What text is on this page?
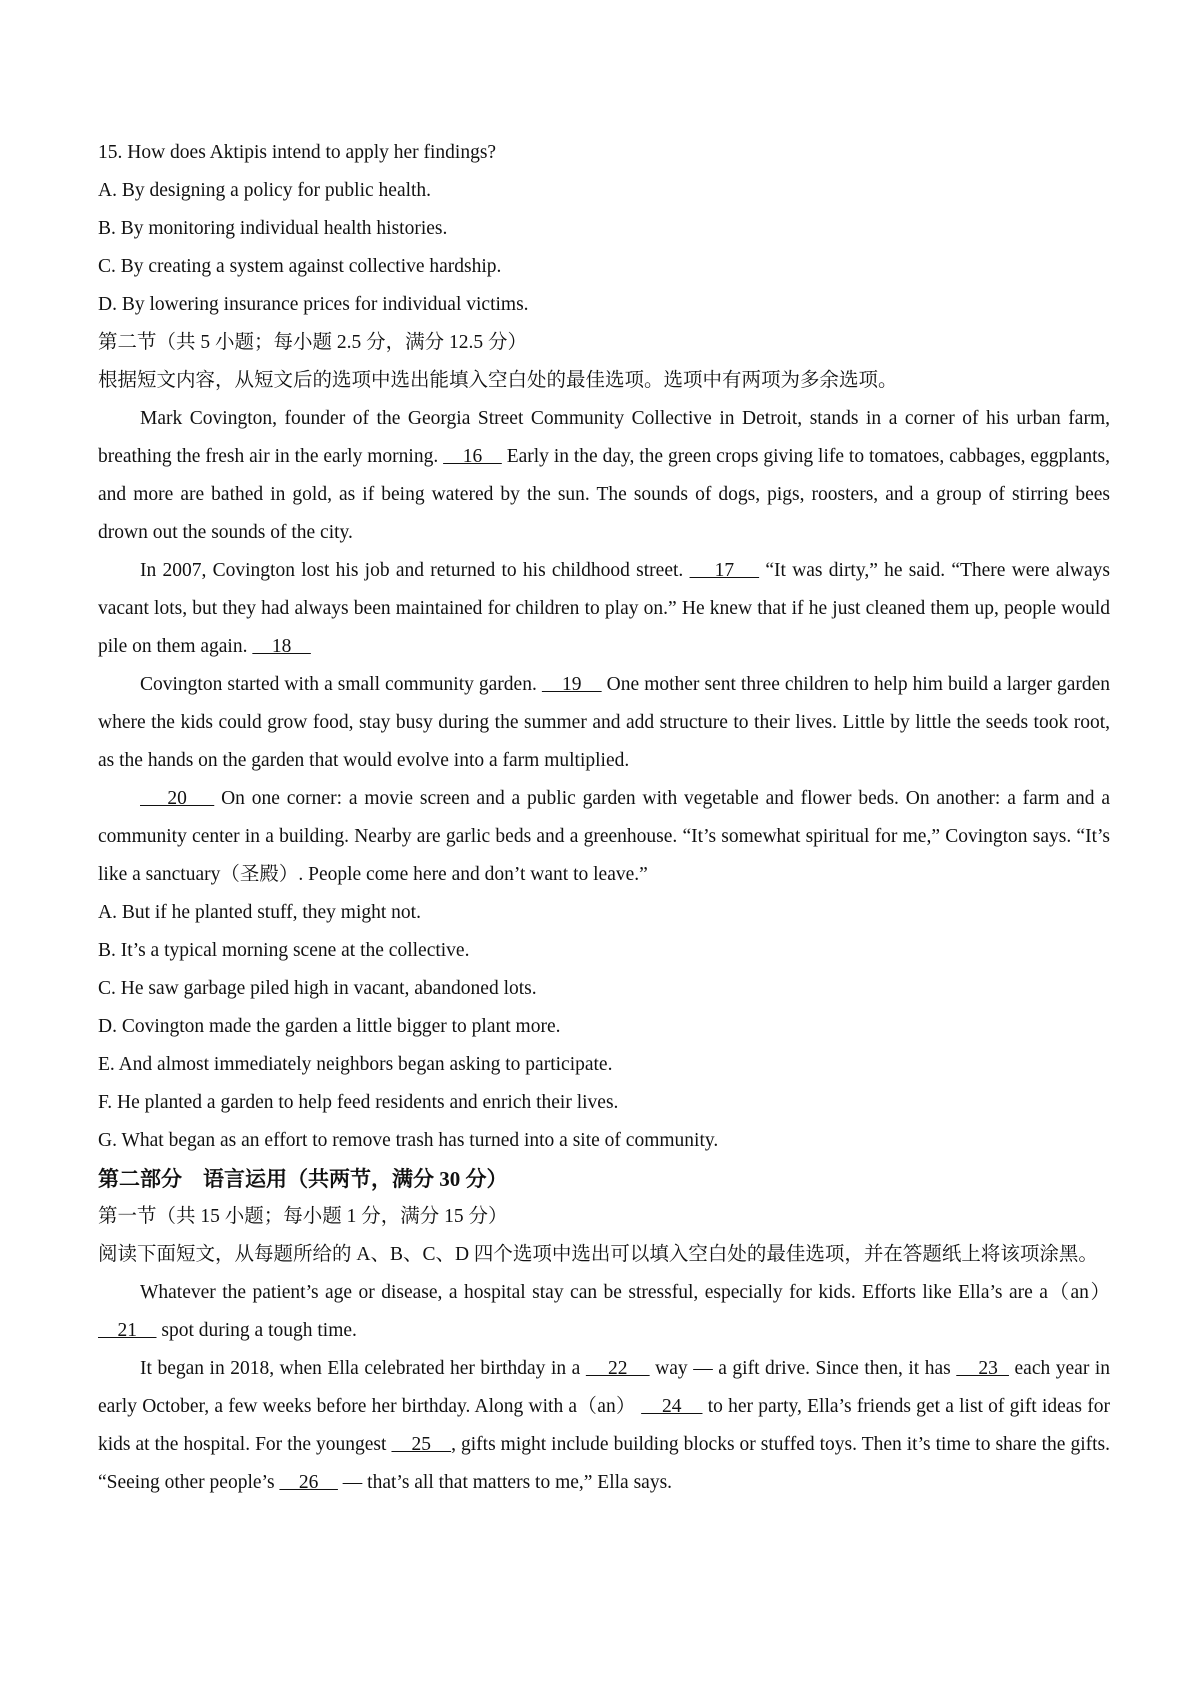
15. How does Aktipis intend to apply her findings?
A. By designing a policy for public health.
B. By monitoring individual health histories.
C. By creating a system against collective hardship.
D. By lowering insurance prices for individual victims.
第二节（共 5 小题；每小题 2.5 分，满分 12.5 分）
根据短文内容，从短文后的选项中选出能填入空白处的最佳选项。选项中有两项为多余选项。
Mark Covington, founder of the Georgia Street Community Collective in Detroit, stands in a corner of his urban farm, breathing the fresh air in the early morning.     16     Early in the day, the green crops giving life to tomatoes, cabbages, eggplants, and more are bathed in gold, as if being watered by the sun. The sounds of dogs, pigs, roosters, and a group of stirring bees drown out the sounds of the city.
In 2007, Covington lost his job and returned to his childhood street.     17     “It was dirty,” he said. “There were always vacant lots, but they had always been maintained for children to play on.” He knew that if he just cleaned them up, people would pile on them again.     18
Covington started with a small community garden.     19     One mother sent three children to help him build a larger garden where the kids could grow food, stay busy during the summer and add structure to their lives. Little by little the seeds took root, as the hands on the garden that would evolve into a farm multiplied.
20     On one corner: a movie screen and a public garden with vegetable and flower beds. On another: a farm and a community center in a building. Nearby are garlic beds and a greenhouse. “It’s somewhat spiritual for me,” Covington says. “It’s like a sanctuary（圣殿）. People come here and don’t want to leave.”
A. But if he planted stuff, they might not.
B. It’s a typical morning scene at the collective.
C. He saw garbage piled high in vacant, abandoned lots.
D. Covington made the garden a little bigger to plant more.
E. And almost immediately neighbors began asking to participate.
F. He planted a garden to help feed residents and enrich their lives.
G. What began as an effort to remove trash has turned into a site of community.
第二部分　语言运用（共两节，满分 30 分）
第一节（共 15 小题；每小题 1 分，满分 15 分）
阅读下面短文，从每题所给的 A、B、C、D 四个选项中选出可以填入空白处的最佳选项，并在答题纸上将该项涂黑。
Whatever the patient’s age or disease, a hospital stay can be stressful, especially for kids. Efforts like Ella’s are a（an）     21     spot during a tough time.
It began in 2018, when Ella celebrated her birthday in a     22     way — a gift drive. Since then, it has     23   each year in early October, a few weeks before her birthday. Along with a（an）     24     to her party, Ella’s friends get a list of gift ideas for kids at the hospital. For the youngest     25    , gifts might include building blocks or stuffed toys. Then it’s time to share the gifts. “Seeing other people’s     26     — that’s all that matters to me,” Ella says.
